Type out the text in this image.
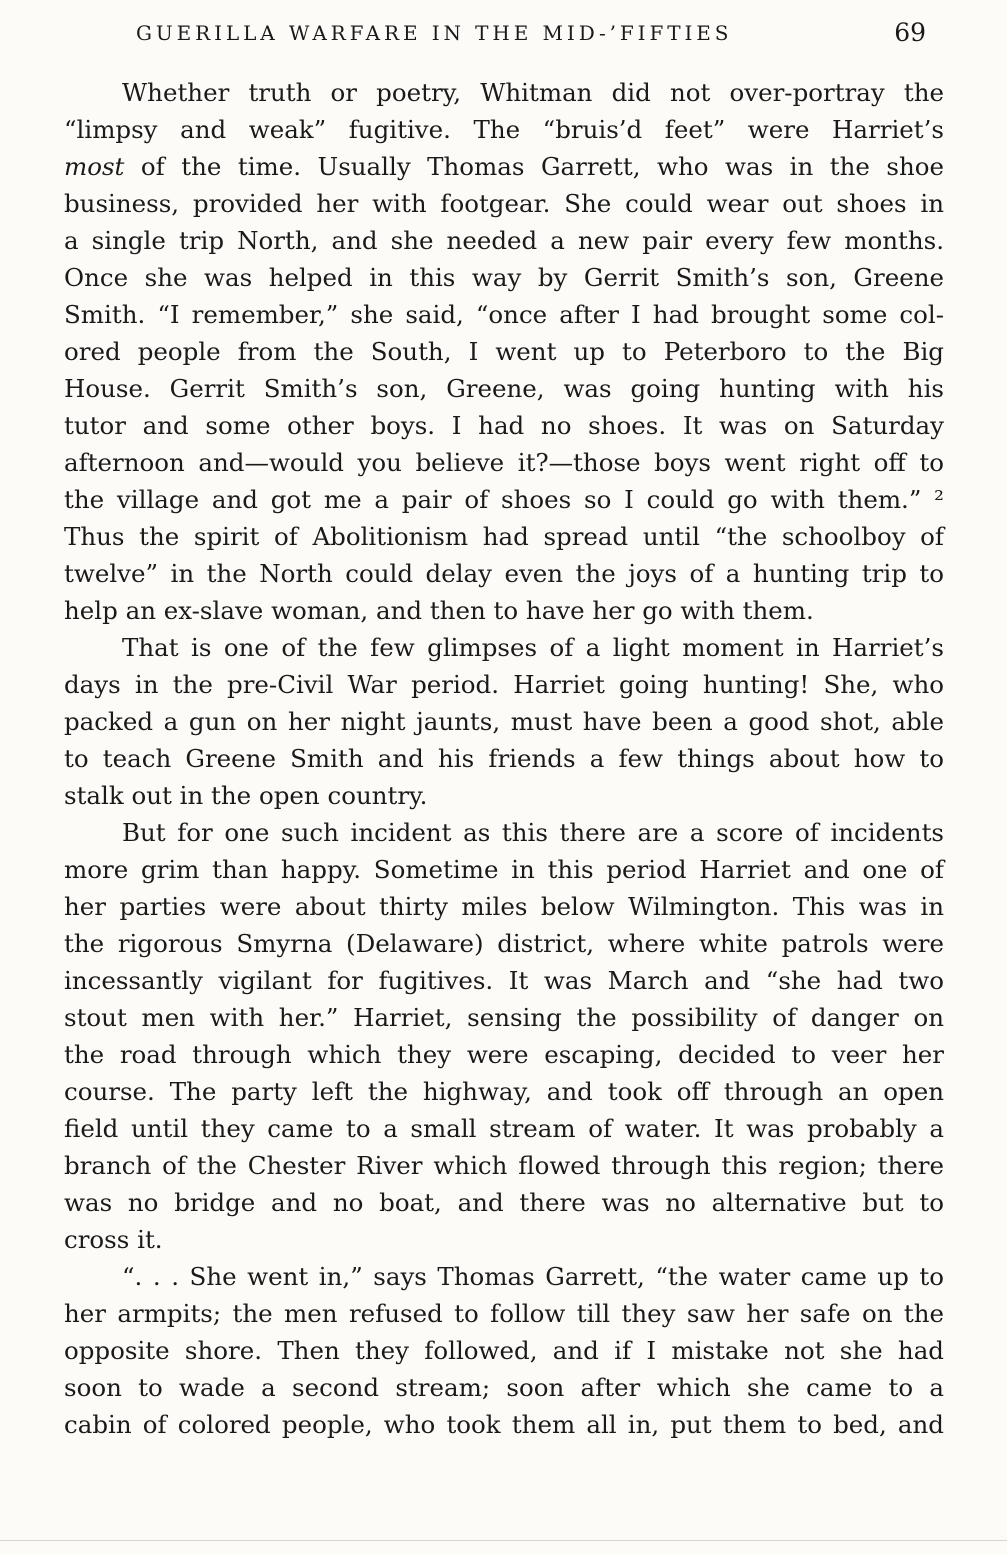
GUERILLA WARFARE IN THE MID-’FIFTIES	69
Whether truth or poetry, Whitman did not over-portray the
“limpsy and weak” fugitive. The “bruis’d feet” were Harriet’s
most of the time. Usually Thomas Garrett, who was in the shoe
business, provided her with footgear. She could wear out shoes in
a single trip North, and she needed a new pair every few months.
Once she was helped in this way by Gerrit Smith’s son, Greene
Smith. “I remember,” she said, “once after I had brought some col-
ored people from the South, I went up to Peterboro to the Big
House. Gerrit Smith’s son, Greene, was going hunting with his
tutor and some other boys. I had no shoes. It was on Saturday
afternoon and—would you believe it?—those boys went right off to
the village and got me a pair of shoes so I could go with them.” ²
Thus the spirit of Abolitionism had spread until “the schoolboy of
twelve” in the North could delay even the joys of a hunting trip to
help an ex-slave woman, and then to have her go with them.
That is one of the few glimpses of a light moment in Harriet’s
days in the pre-Civil War period. Harriet going hunting! She, who
packed a gun on her night jaunts, must have been a good shot, able
to teach Greene Smith and his friends a few things about how to
stalk out in the open country.
But for one such incident as this there are a score of incidents
more grim than happy. Sometime in this period Harriet and one of
her parties were about thirty miles below Wilmington. This was in
the rigorous Smyrna (Delaware) district, where white patrols were
incessantly vigilant for fugitives. It was March and “she had two
stout men with her.” Harriet, sensing the possibility of danger on
the road through which they were escaping, decided to veer her
course. The party left the highway, and took off through an open
field until they came to a small stream of water. It was probably a
branch of the Chester River which flowed through this region; there
was no bridge and no boat, and there was no alternative but to
cross it.
“. . . She went in,” says Thomas Garrett, “the water came up to
her armpits; the men refused to follow till they saw her safe on the
opposite shore. Then they followed, and if I mistake not she had
soon to wade a second stream; soon after which she came to a
cabin of colored people, who took them all in, put them to bed, and
